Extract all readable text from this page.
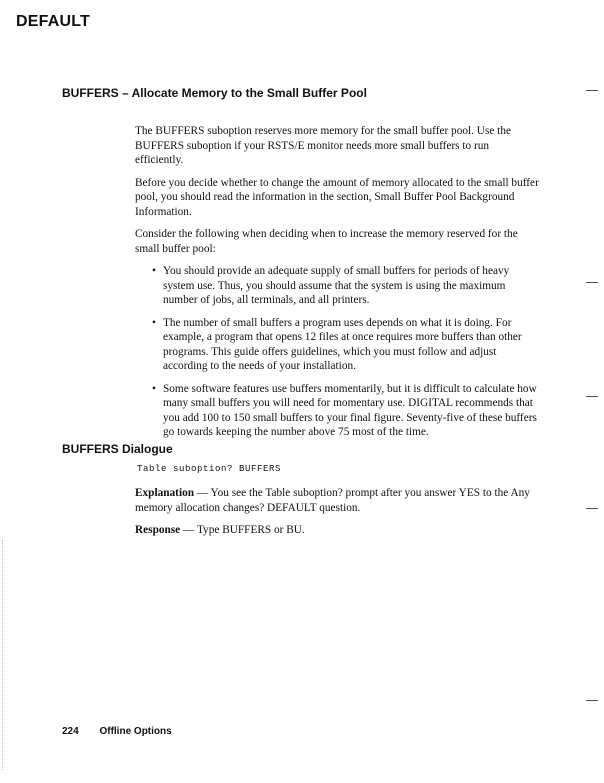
DEFAULT
BUFFERS – Allocate Memory to the Small Buffer Pool

The BUFFERS suboption reserves more memory for the small buffer pool. Use the BUFFERS suboption if your RSTS/E monitor needs more small buffers to run efficiently.

Before you decide whether to change the amount of memory allocated to the small buffer pool, you should read the information in the section, Small Buffer Pool Background Information.

Consider the following when deciding when to increase the memory reserved for the small buffer pool:

• You should provide an adequate supply of small buffers for periods of heavy system use. Thus, you should assume that the system is using the maximum number of jobs, all terminals, and all printers.
• The number of small buffers a program uses depends on what it is doing. For example, a program that opens 12 files at once requires more buffers than other programs. This guide offers guidelines, which you must follow and adjust according to the needs of your installation.
• Some software features use buffers momentarily, but it is difficult to calculate how many small buffers you will need for momentary use. DIGITAL recommends that you add 100 to 150 small buffers to your final figure. Seventy-five of these buffers go towards keeping the number above 75 most of the time.
BUFFERS Dialogue
Table suboption? BUFFERS

Explanation — You see the Table suboption? prompt after you answer YES to the Any memory allocation changes? DEFAULT question.

Response — Type BUFFERS or BU.

224 Offline Options
